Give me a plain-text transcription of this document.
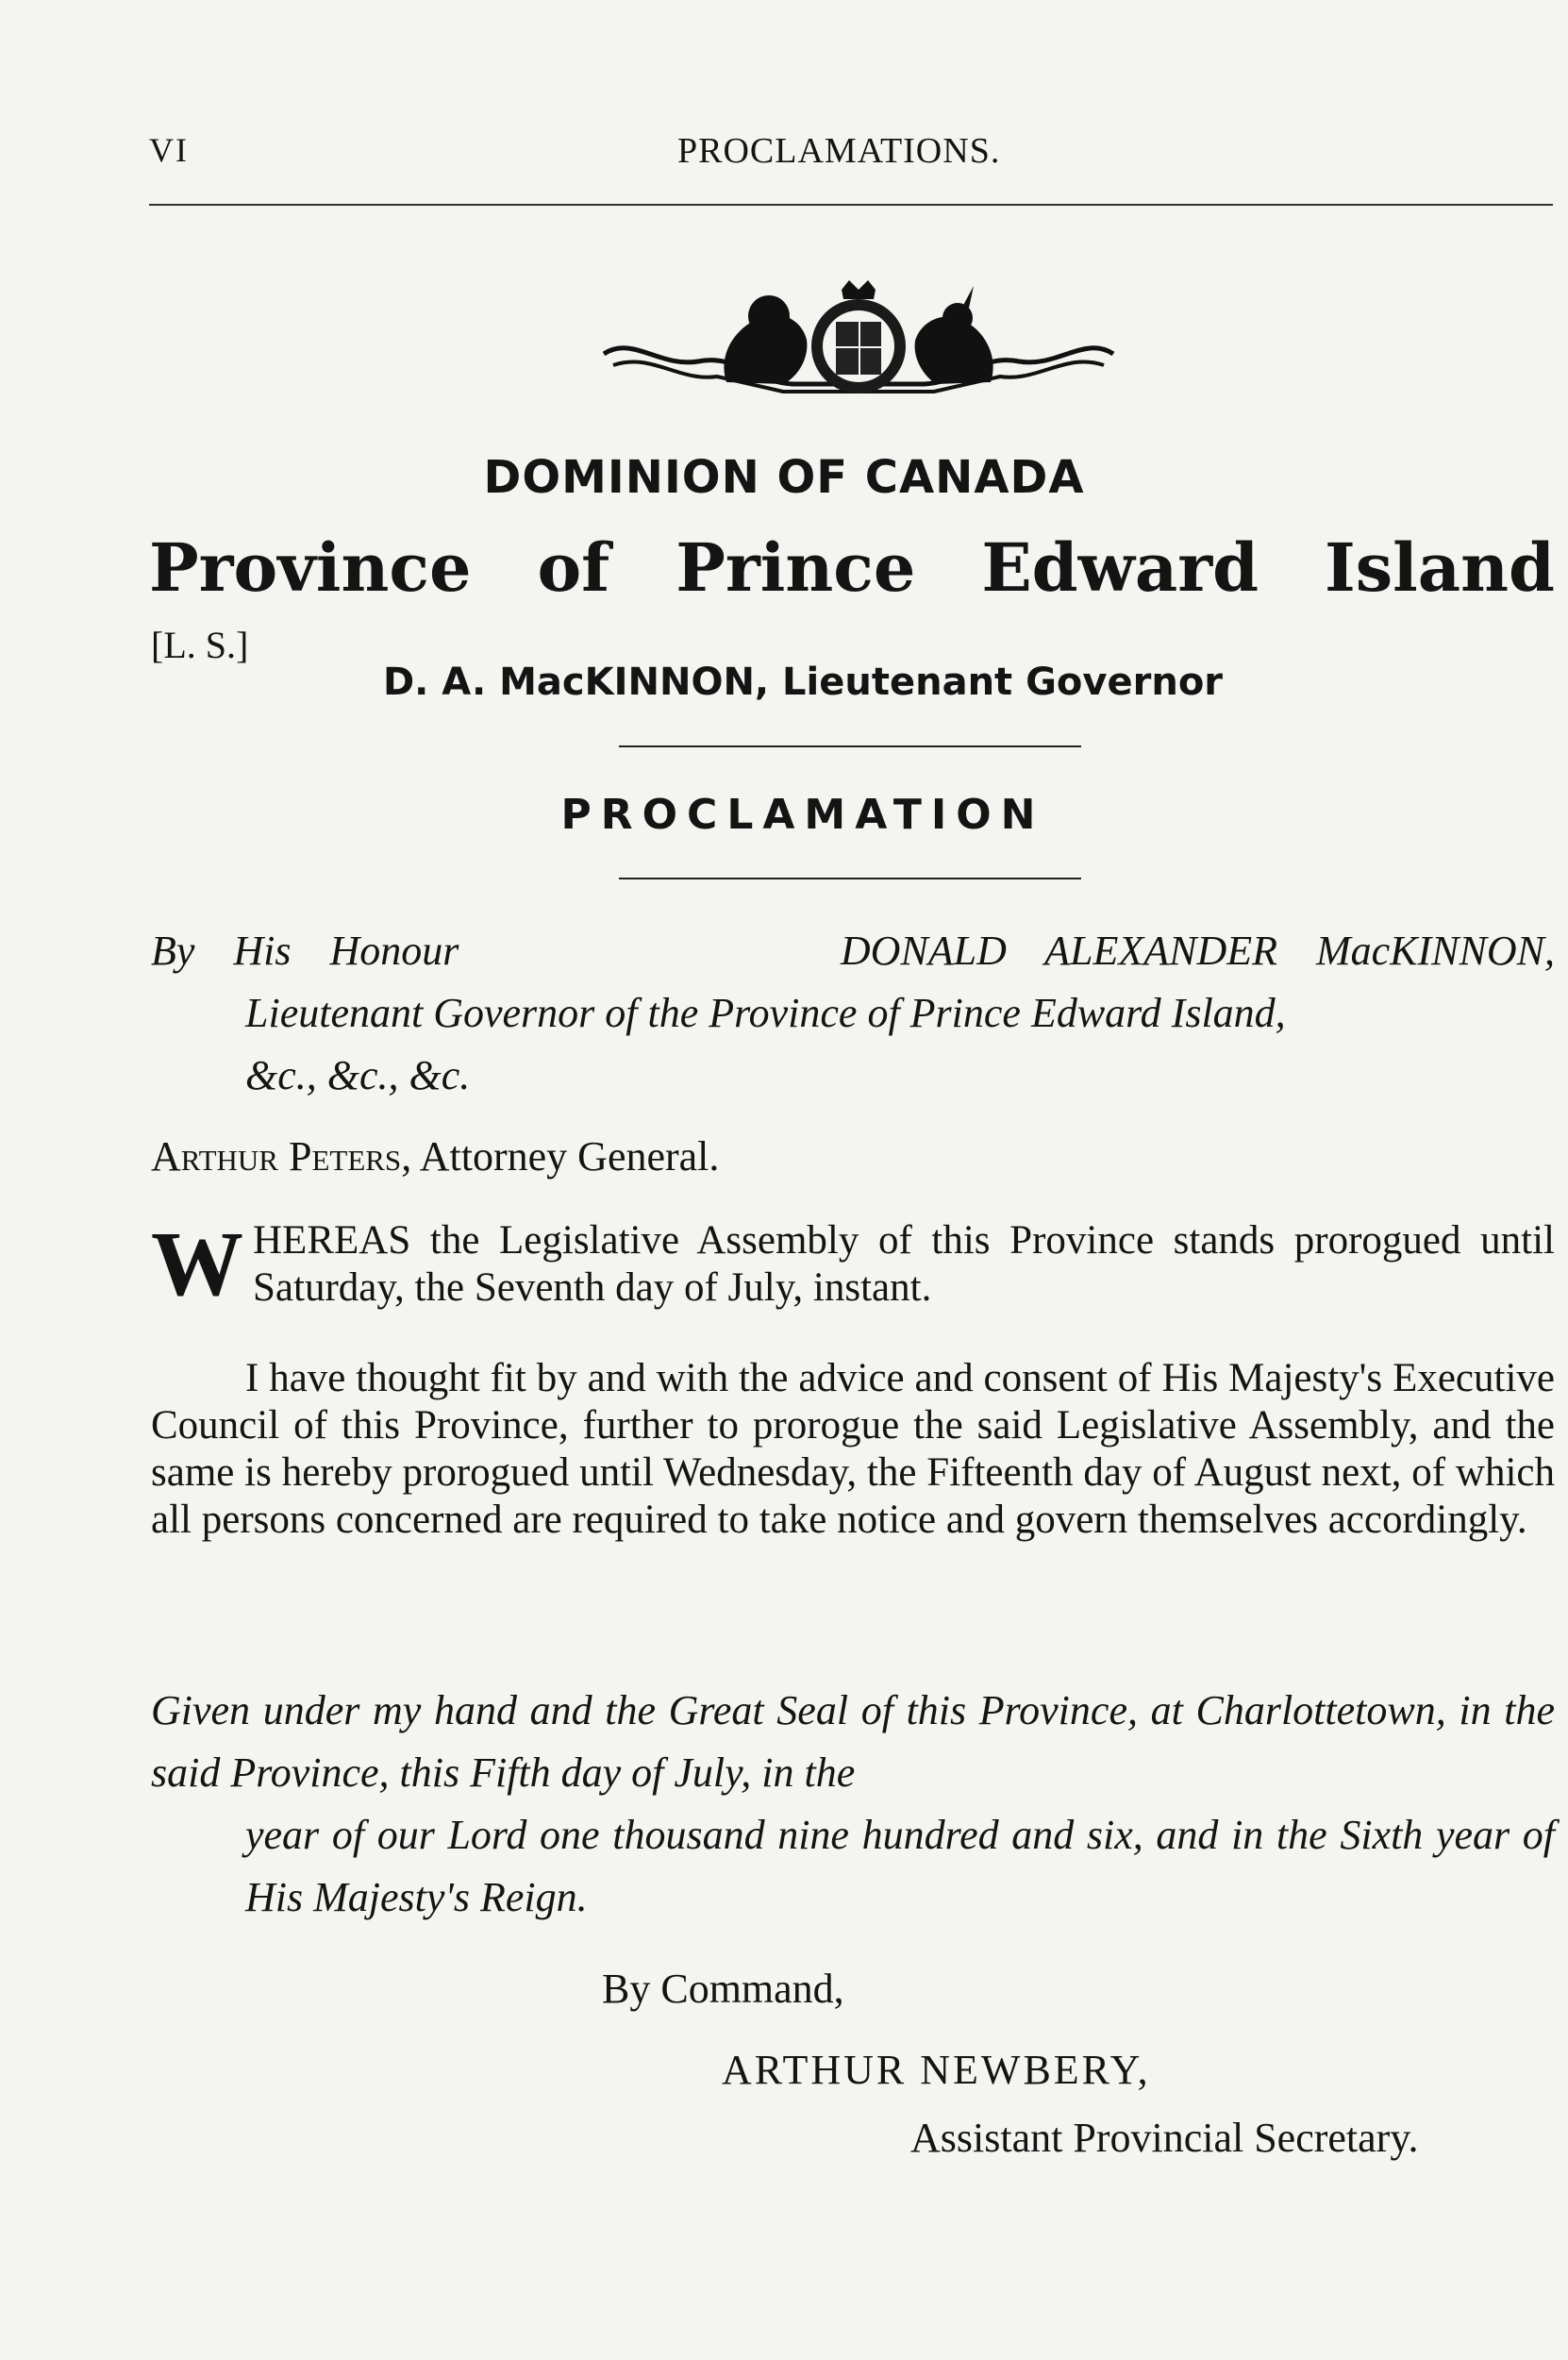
VI	PROCLAMATIONS.
DOMINION OF CANADA
Province of Prince Edward Island
[L. S.]
D. A. MacKINNON, Lieutenant Governor
PROCLAMATION
By His Honour	DONALD ALEXANDER MacKINNON,
Lieutenant Governor of the Province of Prince Edward Island,
&c., &c., &c.
Arthur Peters, Attorney General.
WHEREAS the Legislative Assembly of this Province stands prorogued until Saturday, the Seventh day of July, instant.
I have thought fit by and with the advice and consent of His Majesty's Executive Council of this Province, further to prorogue the said Legislative Assembly, and the same is hereby prorogued until Wednesday, the Fifteenth day of August next, of which all persons concerned are required to take notice and govern themselves accordingly.
Given under my hand and the Great Seal of this Province, at Charlottetown, in the said Province, this Fifth day of July, in the
year of our Lord one thousand nine hundred and six, and in the Sixth year of His Majesty's Reign.
By Command,
ARTHUR NEWBERY,
Assistant Provincial Secretary.
